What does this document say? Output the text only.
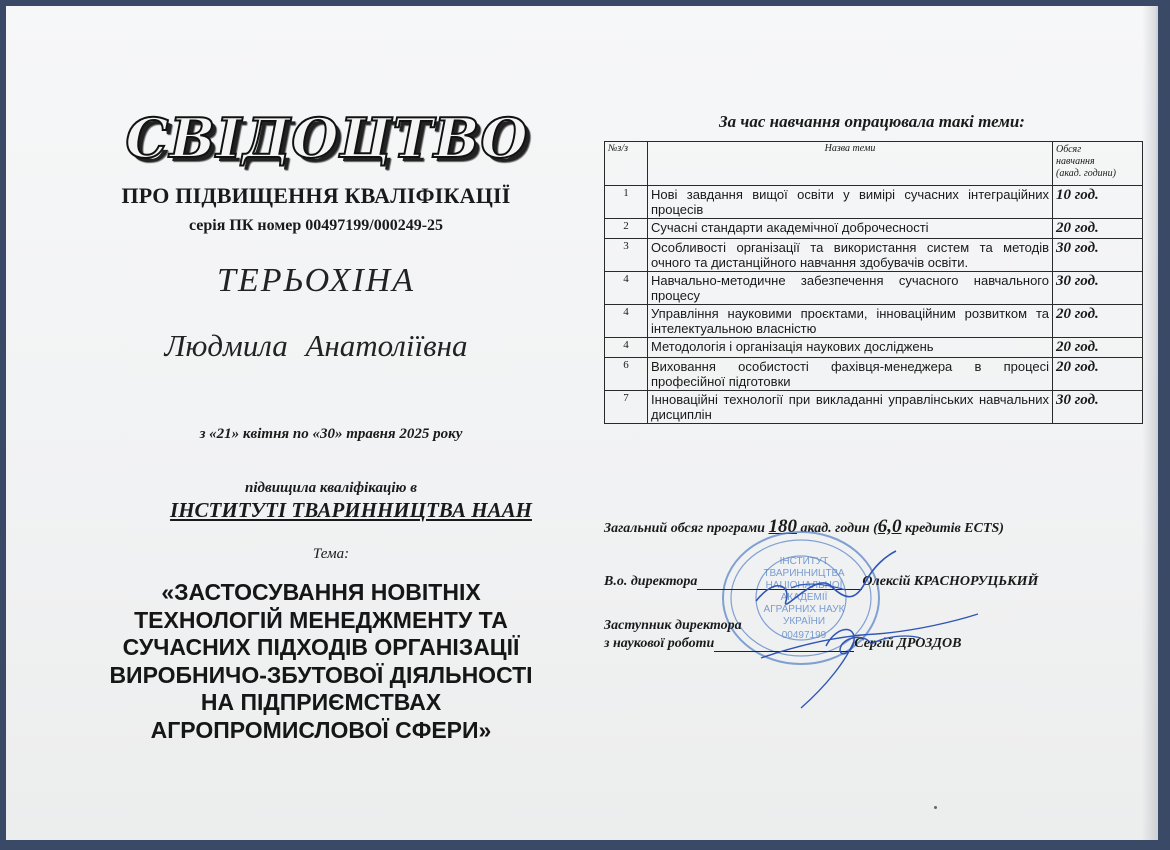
СВІДОЦТВО
ПРО ПІДВИЩЕННЯ КВАЛІФІКАЦІЇ
серія ПК номер 00497199/000249-25
ТЕРЬОХІНА
Людмила Анатоліївна
з «21» квітня по «30» травня 2025 року
підвищила кваліфікацію в
ІНСТИТУТІ ТВАРИННИЦТВА НААН
Тема:
«ЗАСТОСУВАННЯ НОВІТНІХ
ТЕХНОЛОГІЙ МЕНЕДЖМЕНТУ ТА
СУЧАСНИХ ПІДХОДІВ ОРГАНІЗАЦІЇ
ВИРОБНИЧО-ЗБУТОВОЇ ДІЯЛЬНОСТІ
НА ПІДПРИЄМСТВАХ
АГРОПРОМИСЛОВОЇ СФЕРИ»
За час навчання опрацювала такі теми:
№з/з	Назва теми	Обсяг
навчання
(акад. години)

1	Нові завдання вищої освіти у вимірі сучасних інтеграційних процесів	10 год.
2	Сучасні стандарти академічної доброчесності	20 год.
3	Особливості організації та використання систем та методів очного та дистанційного навчання здобувачів освіти.	30 год.
4	Навчально-методичне забезпечення сучасного навчального процесу	30 год.
4	Управління науковими проєктами, інноваційним розвитком та інтелектуальною власністю	20 год.
4	Методологія і організація наукових досліджень	20 год.
6	Виховання особистості фахівця-менеджера в процесі професійної підготовки	20 год.
7	Інноваційні технології при викладанні управлінських навчальних дисциплін	30 год.
Загальний обсяг програми 180 акад. годин (6,0 кредитів ECTS)
ІНСТИТУТ
ТВАРИННИЦТВА
НАЦІОНАЛЬНОЇ
АКАДЕМІЇ
АГРАРНИХ НАУК
УКРАЇНИ
00497199
В.о. директора	Олексій КРАСНОРУЦЬКИЙ
Заступник директора
з наукової роботи	Сергій ДРОЗДОВ
